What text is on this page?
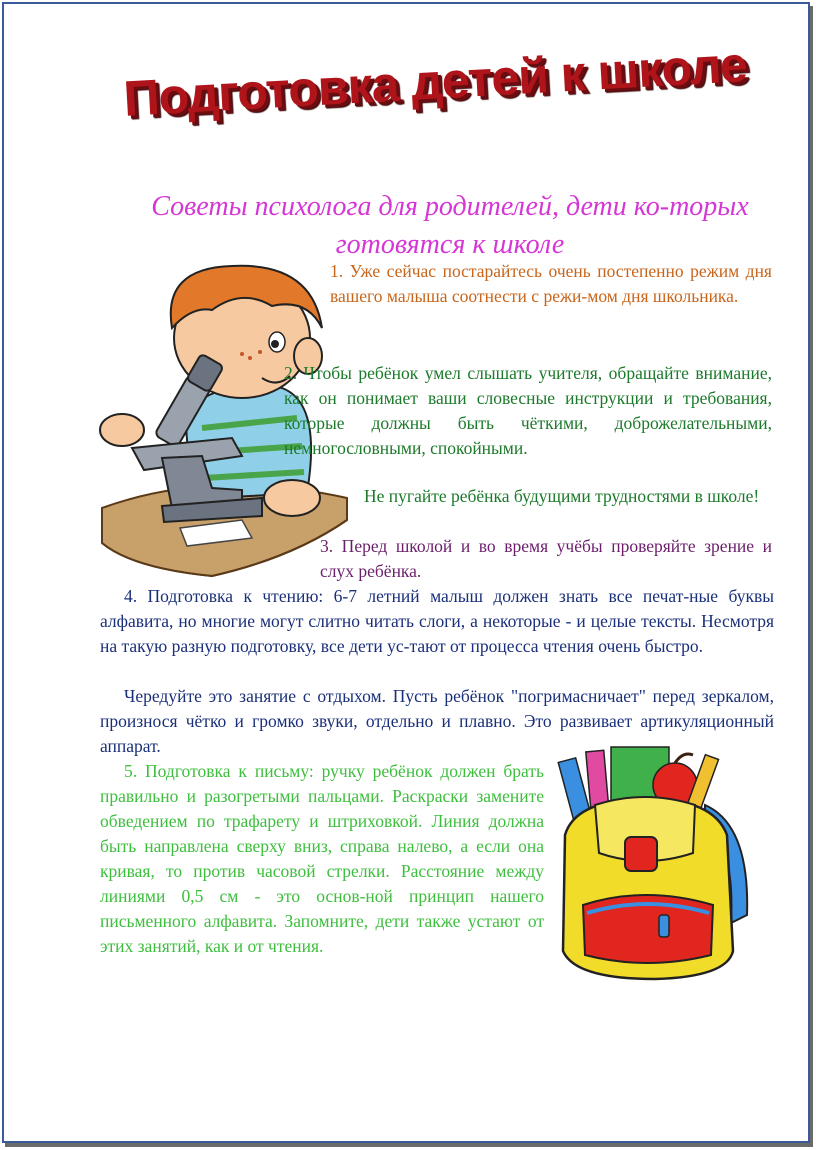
Подготовка детей к школе
Советы психолога для родителей, дети ко-торых готовятся к школе
1. Уже сейчас постарайтесь очень постепенно режим дня вашего малыша соотнести с режи-мом дня школьника.
2. Чтобы ребёнок умел слышать учителя, обращайте внимание, как он понимает ваши словесные инструкции и требования, которые должны быть чёткими, доброжелательными, немногословными, спокойными.
Не пугайте ребёнка будущими трудностями в школе!
3. Перед школой и во время учёбы проверяйте зрение и слух ребёнка.
4. Подготовка к чтению: 6-7 летний малыш должен знать все печат-ные буквы алфавита, но многие могут слитно читать слоги, а некоторые - и целые тексты. Несмотря на такую разную подготовку, все дети ус-тают от процесса чтения очень быстро.
Чередуйте это занятие с отдыхом. Пусть ребёнок "погримасничает" перед зеркалом, произнося чётко и громко звуки, отдельно и плавно. Это развивает артикуляционный аппарат.
5. Подготовка к письму: ручку ребёнок должен брать правильно и разогретыми пальцами. Раскраски замените обведением по трафарету и штриховкой. Линия должна быть направлена сверху вниз, справа налево, а если она кривая, то против часовой стрелки. Расстояние между линиями 0,5 см - это основ-ной принцип нашего письменного алфавита. Запомните, дети также устают от этих занятий, как и от чтения.
